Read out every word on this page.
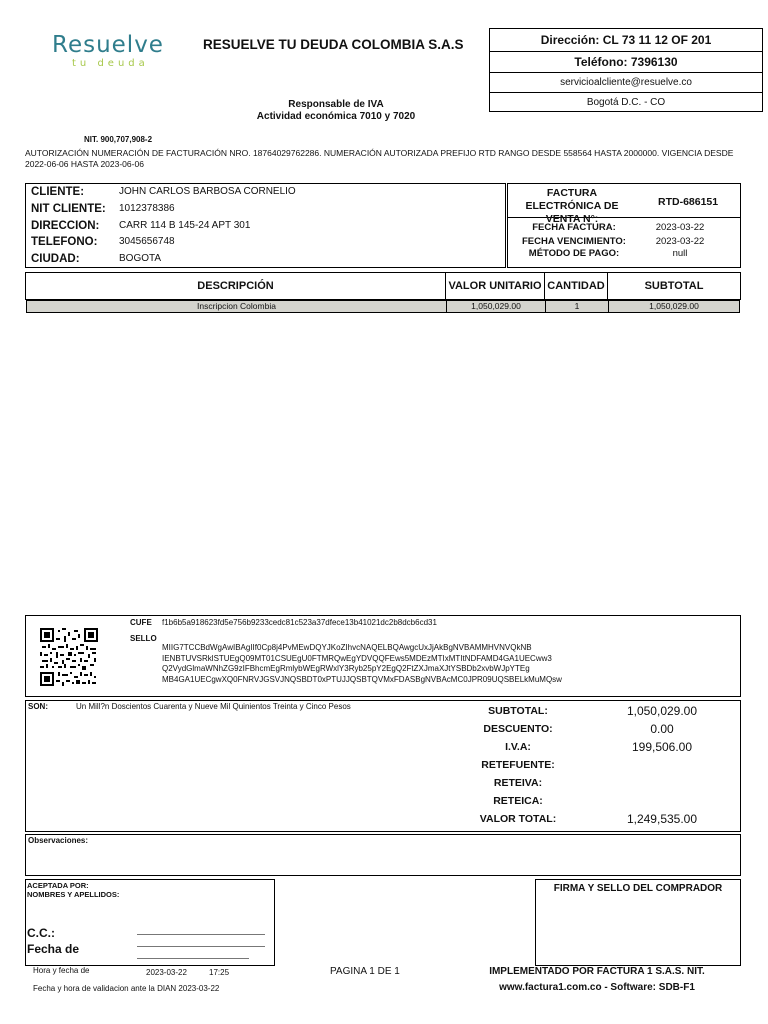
Resuelve
tu deuda
RESUELVE TU DEUDA COLOMBIA S.A.S	Dirección: CL 73 11 12 OF 201
Teléfono: 7396130
servicioalcliente@resuelve.co
Bogotá D.C. - CO
Responsable de IVA
Actividad económica 7010 y 7020
NIT. 900,707,908-2
AUTORIZACIÓN NUMERACIÓN DE FACTURACIÓN NRO. 18764029762286. NUMERACIÓN AUTORIZADA PREFIJO RTD RANGO DESDE 558564 HASTA 2000000. VIGENCIA DESDE 2022-06-06 HASTA 2023-06-06
CLIENTE:	JOHN CARLOS BARBOSA CORNELIO
NIT CLIENTE: 1012378386
DIRECCION: CARR 114 B 145-24 APT 301
TELEFONO: 3045656748
CIUDAD:	BOGOTA
FACTURA ELECTRÓNICA DE VENTA N°:
RTD-686151
FECHA FACTURA:	2023-03-22
FECHA VENCIMIENTO:	2023-03-22
MÉTODO DE PAGO:	null
DESCRIPCIÓN	VALOR UNITARIO CANTIDAD	SUBTOTAL
Inscripcion Colombia	1,050,029.00	1	1,050,029.00
CUFE f1b6b5a918623fd5e756b9233cedc81c523a37dfece13b41021dc2b8dcb6cd31
SELLO
MIIG7TCCBdWgAwIBAgIIf0Cp8j4PvMEwDQYJKoZIhvcNAQELBQAwgcUxJjAkBgNVBAMMHVNVQkNB
IENBTUVSRklSTUEgQ09MT01CSUEgU0FTMRQwEgYDVQQFEws5MDEzMTIxMTItNDFAMD4GA1UECww3
Q2VydGlmaWNhZG9zIFBhcmEgRmlybWEgRWxlY3Ryb25pY2EgQ2FtZXJmaXJtYSBDb2xvbWJpYTEg
MB4GA1UECgwXQ0FNRVJGSVJNQSBDT0xPTUJJQSBTQVMxFDASBgNVBAcMC0JPR09UQSBELkMuMQsw
SON:	Un Mill?n Doscientos Cuarenta y Nueve Mil Quinientos Treinta y Cinco Pesos	SUBTOTAL:	1,050,029.00
DESCUENTO:	0.00
I.V.A:	199,506.00
RETEFUENTE:
RETEIVA:
RETEICA:
VALOR TOTAL:	1,249,535.00
Observaciones:
ACEPTADA POR:
NOMBRES Y APELLIDOS:
C.C.:
Fecha de
FIRMA Y SELLO DEL COMPRADOR
Hora y fecha de	2023-03-22	17:25	PAGINA 1 DE 1
Fecha y hora de validacion ante la DIAN 2023-03-22
IMPLEMENTADO POR FACTURA 1 S.A.S. NIT.
www.factura1.com.co - Software: SDB-F1
